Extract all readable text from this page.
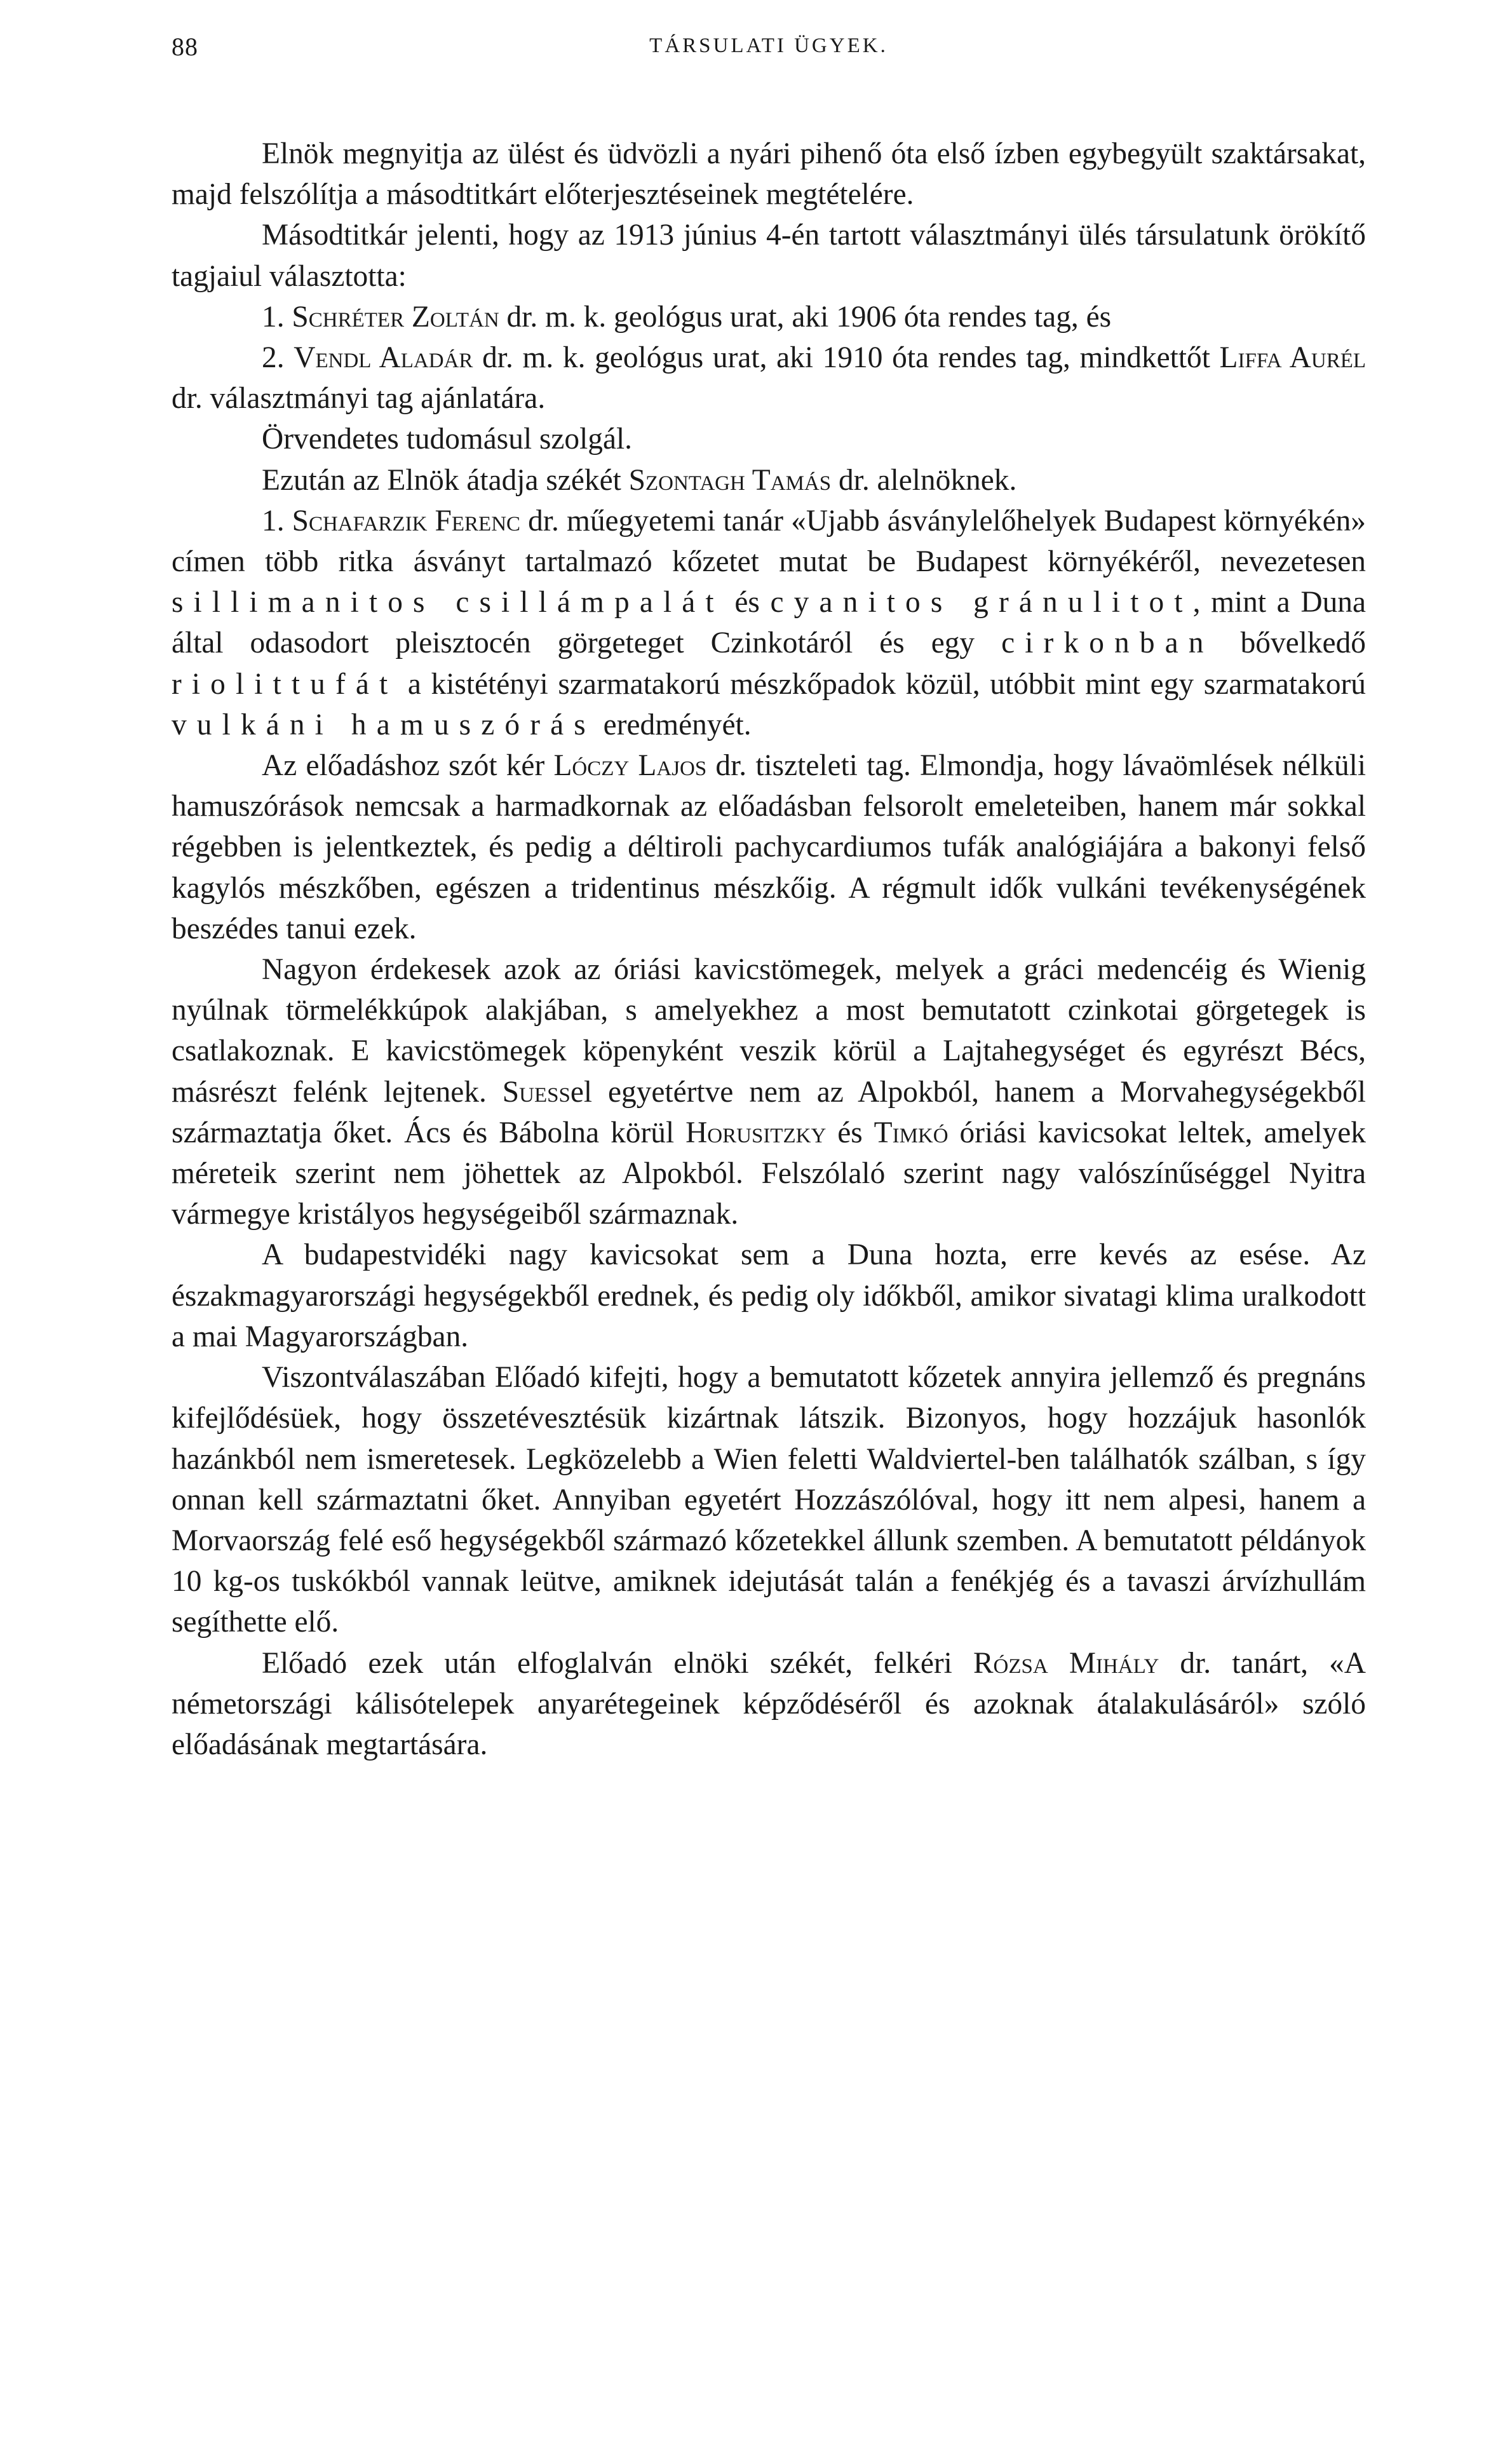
88	TÁRSULATI ÜGYEK.

Elnök megnyitja az ülést és üdvözli a nyári pihenő óta első ízben egybegyült szaktársakat, majd felszólítja a másodtitkárt előterjesztéseinek megtételére.

Másodtitkár jelenti, hogy az 1913 június 4-én tartott választmányi ülés társulatunk örökítő tagjaiul választotta:

1. Schréter Zoltán dr. m. k. geológus urat, aki 1906 óta rendes tag, és

2. Vendl Aladár dr. m. k. geológus urat, aki 1910 óta rendes tag, mindkettőt Liffa Aurél dr. választmányi tag ajánlatára.

Örvendetes tudomásul szolgál.

Ezután az Elnök átadja székét Szontagh Tamás dr. alelnöknek.

1. Schafarzik Ferenc dr. műegyetemi tanár «Ujabb ásványlelőhelyek Budapest környékén» címen több ritka ásványt tartalmazó kőzetet mutat be Budapest környékéről, nevezetesen sillimanitos csillámpalát és cyanitos gránulitot, mint a Duna által odasodort pleisztocén görgeteget Czinkotáról és egy cirkonban bővelkedő riolittufát a kistétényi szarmatakorú mészkőpadok közül, utóbbit mint egy szarmatakorú vulkáni hamuszórás eredményét.

Az előadáshoz szót kér Lóczy Lajos dr. tiszteleti tag. Elmondja, hogy lávaömlések nélküli hamuszórások nemcsak a harmadkornak az előadásban felsorolt emeleteiben, hanem már sokkal régebben is jelentkeztek, és pedig a déltiroli pachycardiumos tufák analógiájára a bakonyi felső kagylós mészkőben, egészen a tridentinus mészkőig. A régmult idők vulkáni tevékenységének beszédes tanui ezek.

Nagyon érdekesek azok az óriási kavicstömegek, melyek a gráci medencéig és Wienig nyúlnak törmelékkúpok alakjában, s amelyekhez a most bemutatott czinkotai görgetegek is csatlakoznak. E kavicstömegek köpenyként veszik körül a Lajtahegységet és egyrészt Bécs, másrészt felénk lejtenek. Suessel egyetértve nem az Alpokból, hanem a Morvahegységekből származtatja őket. Ács és Bábolna körül Horusitzky és Timkó óriási kavicsokat leltek, amelyek méreteik szerint nem jöhettek az Alpokból. Felszólaló szerint nagy valószínűséggel Nyitra vármegye kristályos hegységeiből származnak.

A budapestvidéki nagy kavicsokat sem a Duna hozta, erre kevés az esése. Az északmagyarországi hegységekből erednek, és pedig oly időkből, amikor sivatagi klima uralkodott a mai Magyarországban.

Viszontválaszában Előadó kifejti, hogy a bemutatott kőzetek annyira jellemző és pregnáns kifejlődésüek, hogy összetévesztésük kizártnak látszik. Bizonyos, hogy hozzájuk hasonlók hazánkból nem ismeretesek. Legközelebb a Wien feletti Waldviertel-ben találhatók szálban, s így onnan kell származtatni őket. Annyiban egyetért Hozzászólóval, hogy itt nem alpesi, hanem a Morvaország felé eső hegységekből származó kőzetekkel állunk szemben. A bemutatott példányok 10 kg-os tuskókból vannak leütve, amiknek idejutását talán a fenékjég és a tavaszi árvízhullám segíthette elő.

Előadó ezek után elfoglalván elnöki székét, felkéri Rózsa Mihály dr. tanárt, «A németországi kálisótelepek anyarétegeinek képződéséről és azoknak átalakulásáról» szóló előadásának megtartására.
